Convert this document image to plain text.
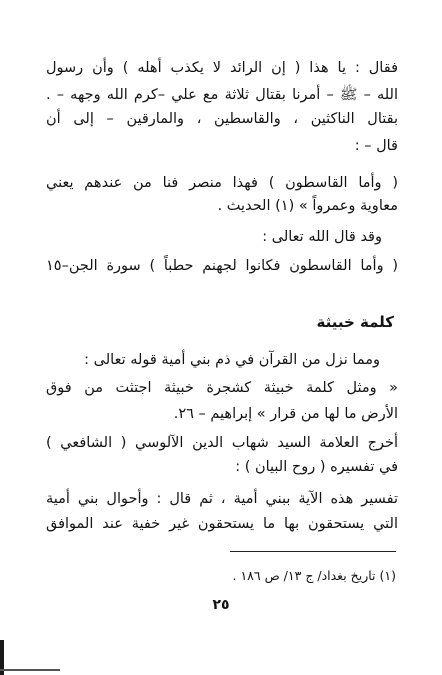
فقال : يا هذا ( إن الرائد لا يكذب أهله ) وأن رسول
الله – ﷺ – أمرنا بقتال ثلاثة مع علي –كرم الله وجهه – .
بقتال الناكثين ، والقاسطين ، والمارقين – إلى أن
قال – :
( وأما القاسطون ) فهذا منصر فنا من عندهم يعني
معاوية وعمرواً » (١) الحديث .
وقد قال الله تعالى :
( وأما القاسطون فكانوا لجهنم حطباً ) سورة الجن–١٥
كلمة خبيثة
ومما نزل من القرآن في ذم بني أمية قوله تعالى :
« ومثل كلمة خبيثة كشجرة خبيثة اجتثت من فوق
الأرض ما لها من قرار » إبراهيم – ٢٦.
أخرج العلامة السيد شهاب الدين الآلوسي ( الشافعي )
في تفسيره ( روح البيان ) :
تفسير هذه الآية ببني أمية ، ثم قال : وأحوال بني أمية
التي يستحقون بها ما يستحقون غير خفية عند الموافق
(١) تاريخ بغداد/ ج ١٣/ ص ١٨٦ .
٢٥
